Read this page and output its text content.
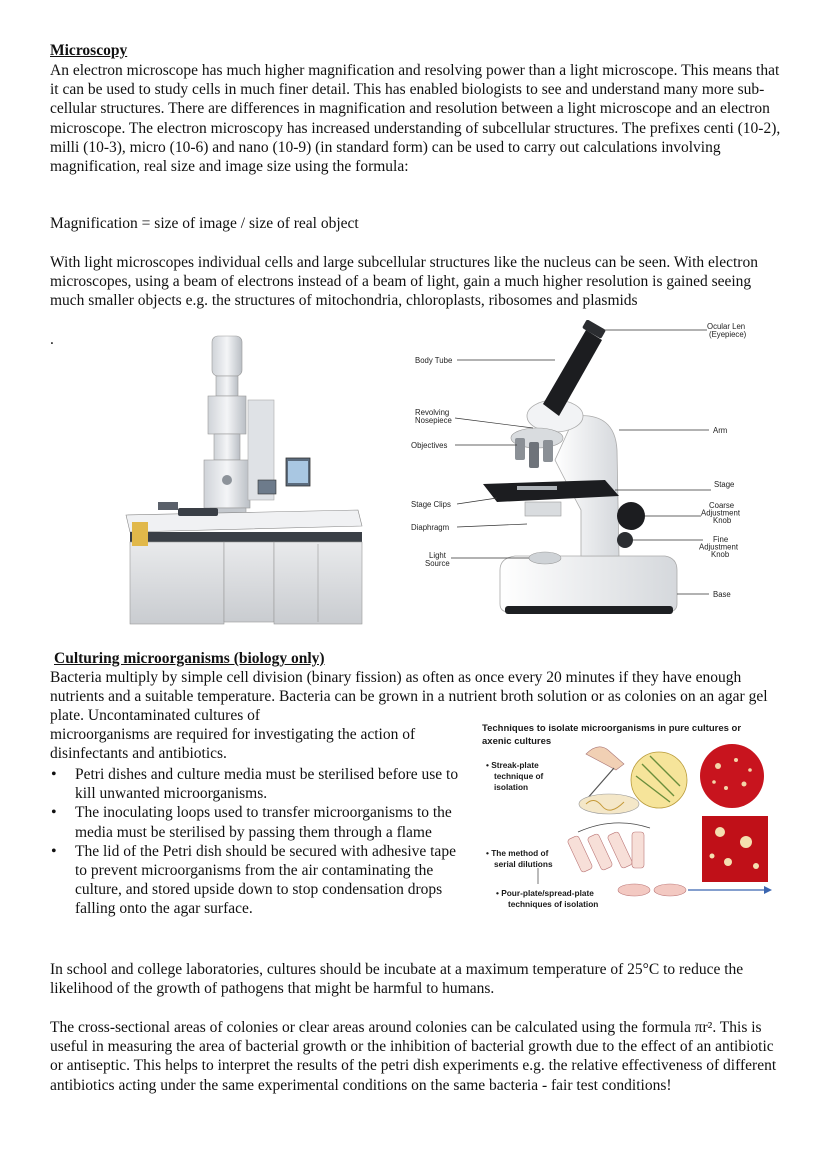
Microscopy

An electron microscope has much higher magnification and resolving power than a light microscope. This means that it can be used to study cells in much finer detail. This has enabled biologists to see and understand many more sub-cellular structures. There are differences in magnification and resolution between a light microscope and an electron microscope. The electron microscopy has increased understanding of subcellular structures. The prefixes centi (10-2), milli (10-3), micro (10-6) and nano (10-9) (in standard form) can be used to carry out calculations involving magnification, real size and image size using the formula:

Magnification = size of image / size of real object

With light microscopes individual cells and large subcellular structures like the nucleus can be seen. With electron microscopes, using a beam of electrons instead of a beam of light, gain a much higher resolution is gained seeing much smaller objects e.g. the structures of mitochondria, chloroplasts, ribosomes and plasmids

.

Body Tube
Revolving Nosepiece
Objectives
Stage Clips
Diaphragm
Light Source
Ocular Len (Eyepiece)
Arm
Stage
Coarse Adjustment Knob
Fine Adjustment Knob
Base
Culturing microorganisms (biology only)

Bacteria multiply by simple cell division (binary fission) as often as once every 20 minutes if they have enough nutrients and a suitable temperature. Bacteria can be grown in a nutrient broth solution or as colonies on an agar gel plate. Uncontaminated cultures of

microorganisms are required for investigating the action of disinfectants and antibiotics.

• Petri dishes and culture media must be sterilised before use to kill unwanted microorganisms.
• The inoculating loops used to transfer microorganisms to the media must be sterilised by passing them through a flame
• The lid of the Petri dish should be secured with adhesive tape to prevent microorganisms from the air contaminating the culture, and stored upside down to stop condensation drops falling onto the agar surface.
Techniques to isolate microorganisms in pure cultures or axenic cultures
• Streak-plate technique of isolation
• The method of serial dilutions
• Pour-plate/spread-plate techniques of isolation

In school and college laboratories, cultures should be incubate at a maximum temperature of 25°C to reduce the likelihood of the growth of pathogens that might be harmful to humans.

The cross-sectional areas of colonies or clear areas around colonies can be calculated using the formula πr². This is useful in measuring the area of bacterial growth or the inhibition of bacterial growth due to the effect of an antibiotic or antiseptic. This helps to interpret the results of the petri dish experiments e.g. the relative effectiveness of different antibiotics acting under the same experimental conditions on the same bacteria - fair test conditions!
